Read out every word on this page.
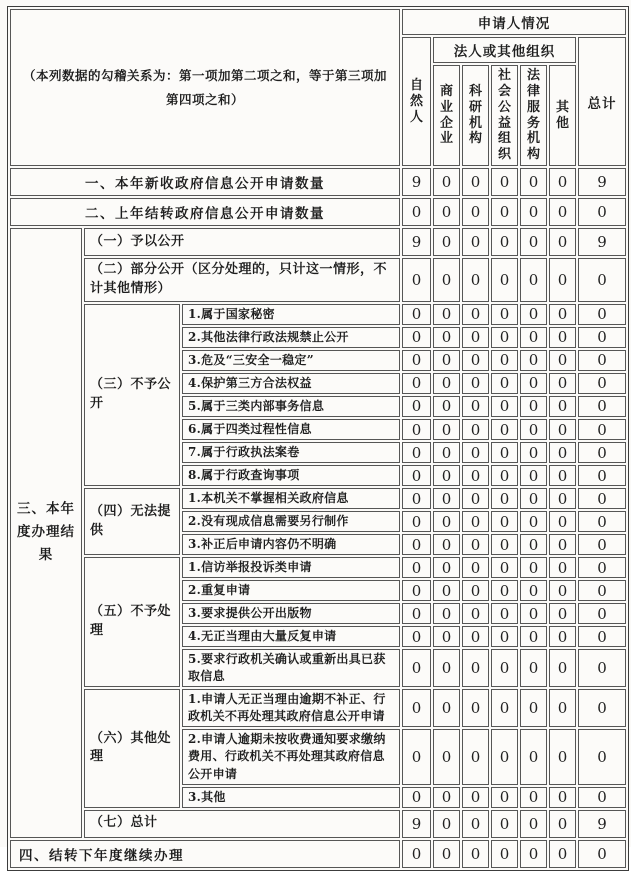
（本列数据的勾稽关系为：第一项加第二项之和，等于第三项加第四项之和）			申请人情况						
			自然人	法人或其他组织					总计
				商业企业	科研机构	社会公益组织	法律服务机构	其他	
一、本年新收政府信息公开申请数量			9	0	0	0	0	0	9
二、上年结转政府信息公开申请数量			0	0	0	0	0	0	0
三、本年度办理结果	（一）予以公开		9	0	0	0	0	0	9
	（二）部分公开（区分处理的，只计这一情形，不计其他情形）		0	0	0	0	0	0	0
	（三）不予公开	1.属于国家秘密	0	0	0	0	0	0	0
		2.其他法律行政法规禁止公开	0	0	0	0	0	0	0
		3.危及“三安全一稳定”	0	0	0	0	0	0	0
		4.保护第三方合法权益	0	0	0	0	0	0	0
		5.属于三类内部事务信息	0	0	0	0	0	0	0
		6.属于四类过程性信息	0	0	0	0	0	0	0
		7.属于行政执法案卷	0	0	0	0	0	0	0
		8.属于行政查询事项	0	0	0	0	0	0	0
	（四）无法提供	1.本机关不掌握相关政府信息	0	0	0	0	0	0	0
		2.没有现成信息需要另行制作	0	0	0	0	0	0	0
		3.补正后申请内容仍不明确	0	0	0	0	0	0	0
	（五）不予处理	1.信访举报投诉类申请	0	0	0	0	0	0	0
		2.重复申请	0	0	0	0	0	0	0
		3.要求提供公开出版物	0	0	0	0	0	0	0
		4.无正当理由大量反复申请	0	0	0	0	0	0	0
		5.要求行政机关确认或重新出具已获取信息	0	0	0	0	0	0	0
	（六）其他处理	1.申请人无正当理由逾期不补正、行政机关不再处理其政府信息公开申请	0	0	0	0	0	0	0
		2.申请人逾期未按收费通知要求缴纳费用、行政机关不再处理其政府信息公开申请	0	0	0	0	0	0	0
		3.其他	0	0	0	0	0	0	0
	（七）总计		9	0	0	0	0	0	9
四、结转下年度继续办理			0	0	0	0	0	0	0
